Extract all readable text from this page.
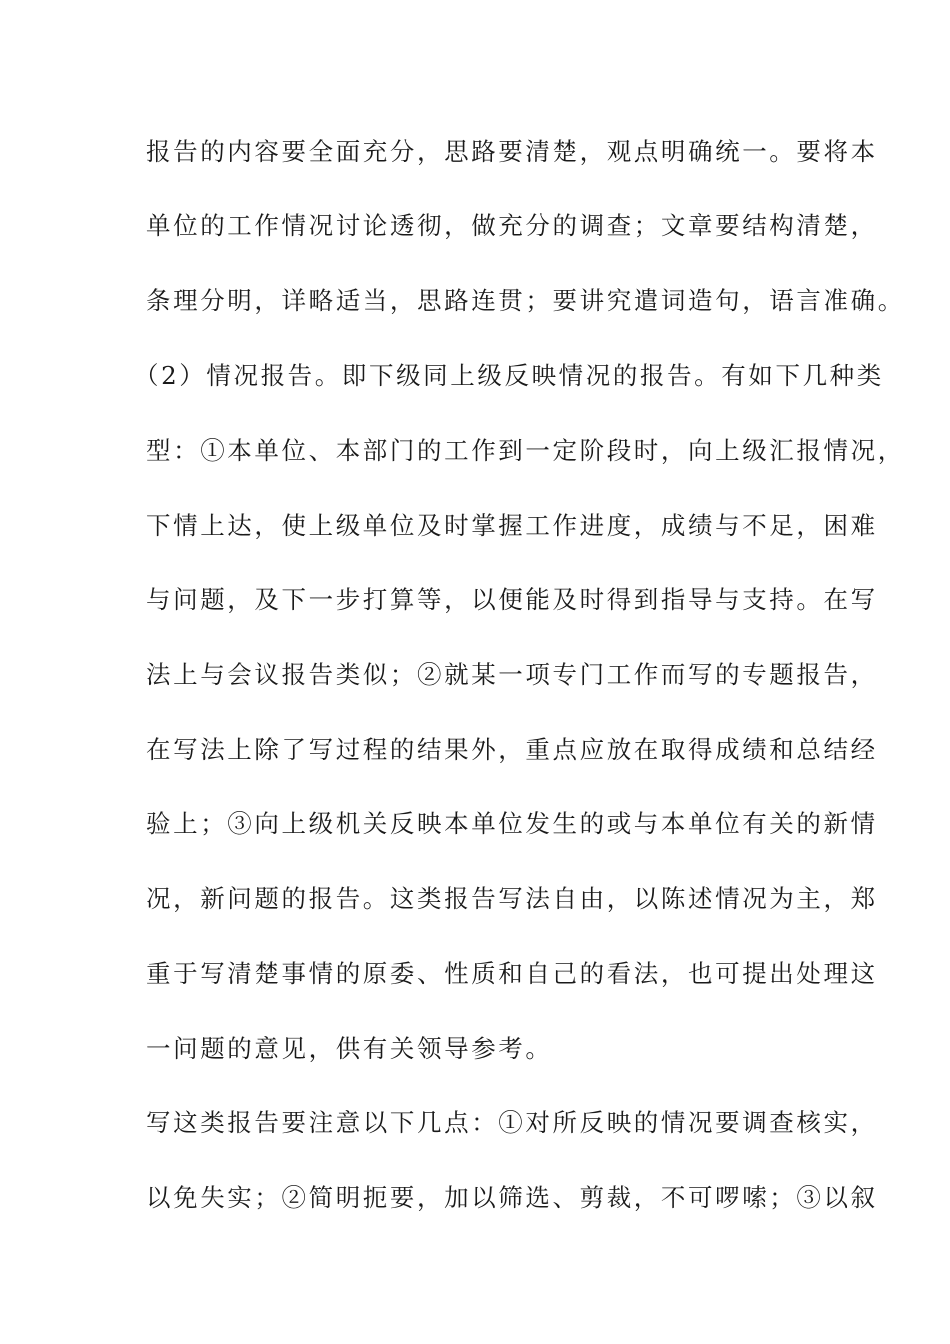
报告的内容要全面充分，思路要清楚，观点明确统一。要将本
单位的工作情况讨论透彻，做充分的调查；文章要结构清楚，
条理分明，详略适当，思路连贯；要讲究遣词造句，语言准确。
（2）情况报告。即下级同上级反映情况的报告。有如下几种类
型：①本单位、本部门的工作到一定阶段时，向上级汇报情况，
下情上达，使上级单位及时掌握工作进度，成绩与不足，困难
与问题，及下一步打算等，以便能及时得到指导与支持。在写
法上与会议报告类似；②就某一项专门工作而写的专题报告，
在写法上除了写过程的结果外，重点应放在取得成绩和总结经
验上；③向上级机关反映本单位发生的或与本单位有关的新情
况，新问题的报告。这类报告写法自由，以陈述情况为主，郑
重于写清楚事情的原委、性质和自己的看法，也可提出处理这
一问题的意见，供有关领导参考。
写这类报告要注意以下几点：①对所反映的情况要调查核实，
以免失实；②简明扼要，加以筛选、剪裁，不可啰嗦；③以叙
